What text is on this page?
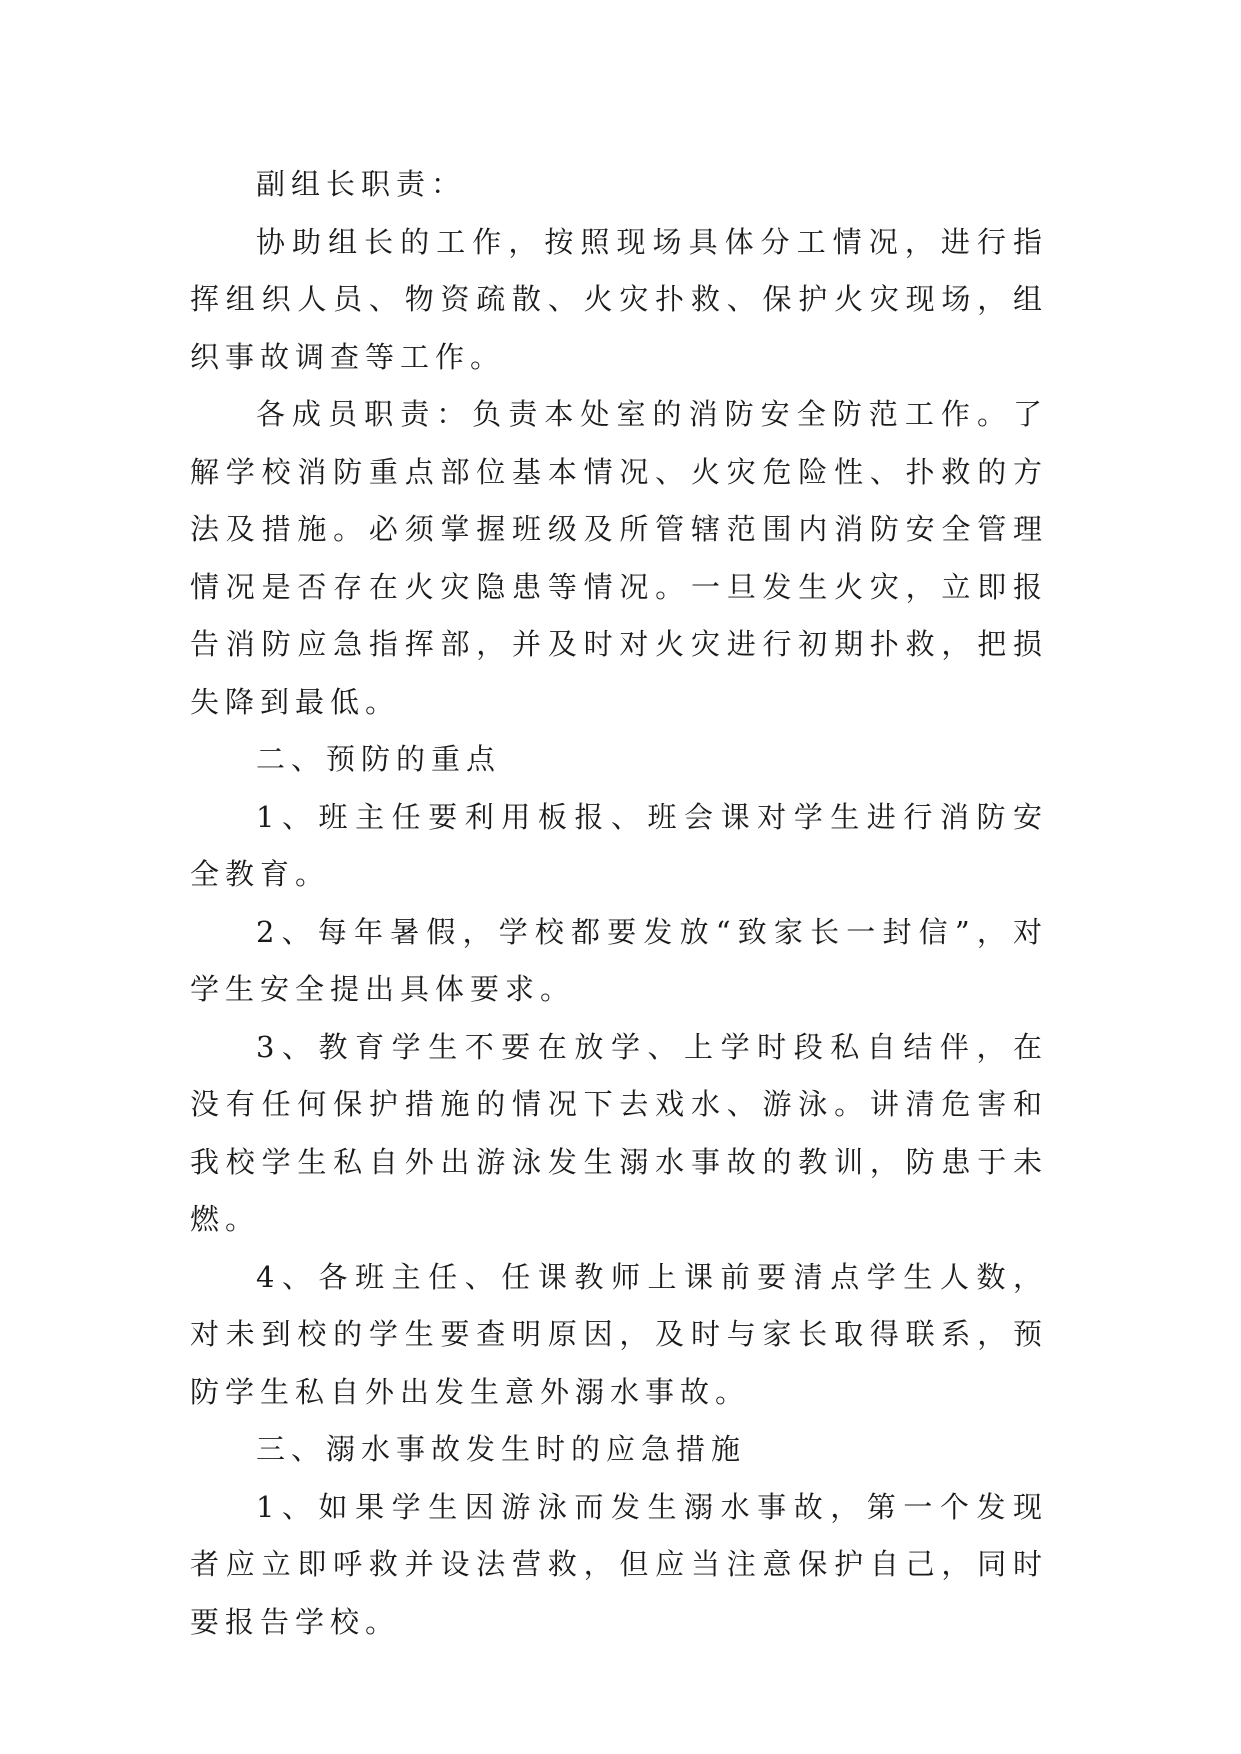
副组长职责：

协助组长的工作，按照现场具体分工情况，进行指挥组织人员、物资疏散、火灾扑救、保护火灾现场，组织事故调查等工作。

各成员职责：负责本处室的消防安全防范工作。了解学校消防重点部位基本情况、火灾危险性、扑救的方法及措施。必须掌握班级及所管辖范围内消防安全管理情况是否存在火灾隐患等情况。一旦发生火灾，立即报告消防应急指挥部，并及时对火灾进行初期扑救，把损失降到最低。

二、预防的重点

1、班主任要利用板报、班会课对学生进行消防安全教育。

2、每年暑假，学校都要发放“致家长一封信”，对学生安全提出具体要求。

3、教育学生不要在放学、上学时段私自结伴，在没有任何保护措施的情况下去戏水、游泳。讲清危害和我校学生私自外出游泳发生溺水事故的教训，防患于未燃。

4、各班主任、任课教师上课前要清点学生人数，对未到校的学生要查明原因，及时与家长取得联系，预防学生私自外出发生意外溺水事故。

三、溺水事故发生时的应急措施

1、如果学生因游泳而发生溺水事故，第一个发现者应立即呼救并设法营救，但应当注意保护自己，同时要报告学校。
